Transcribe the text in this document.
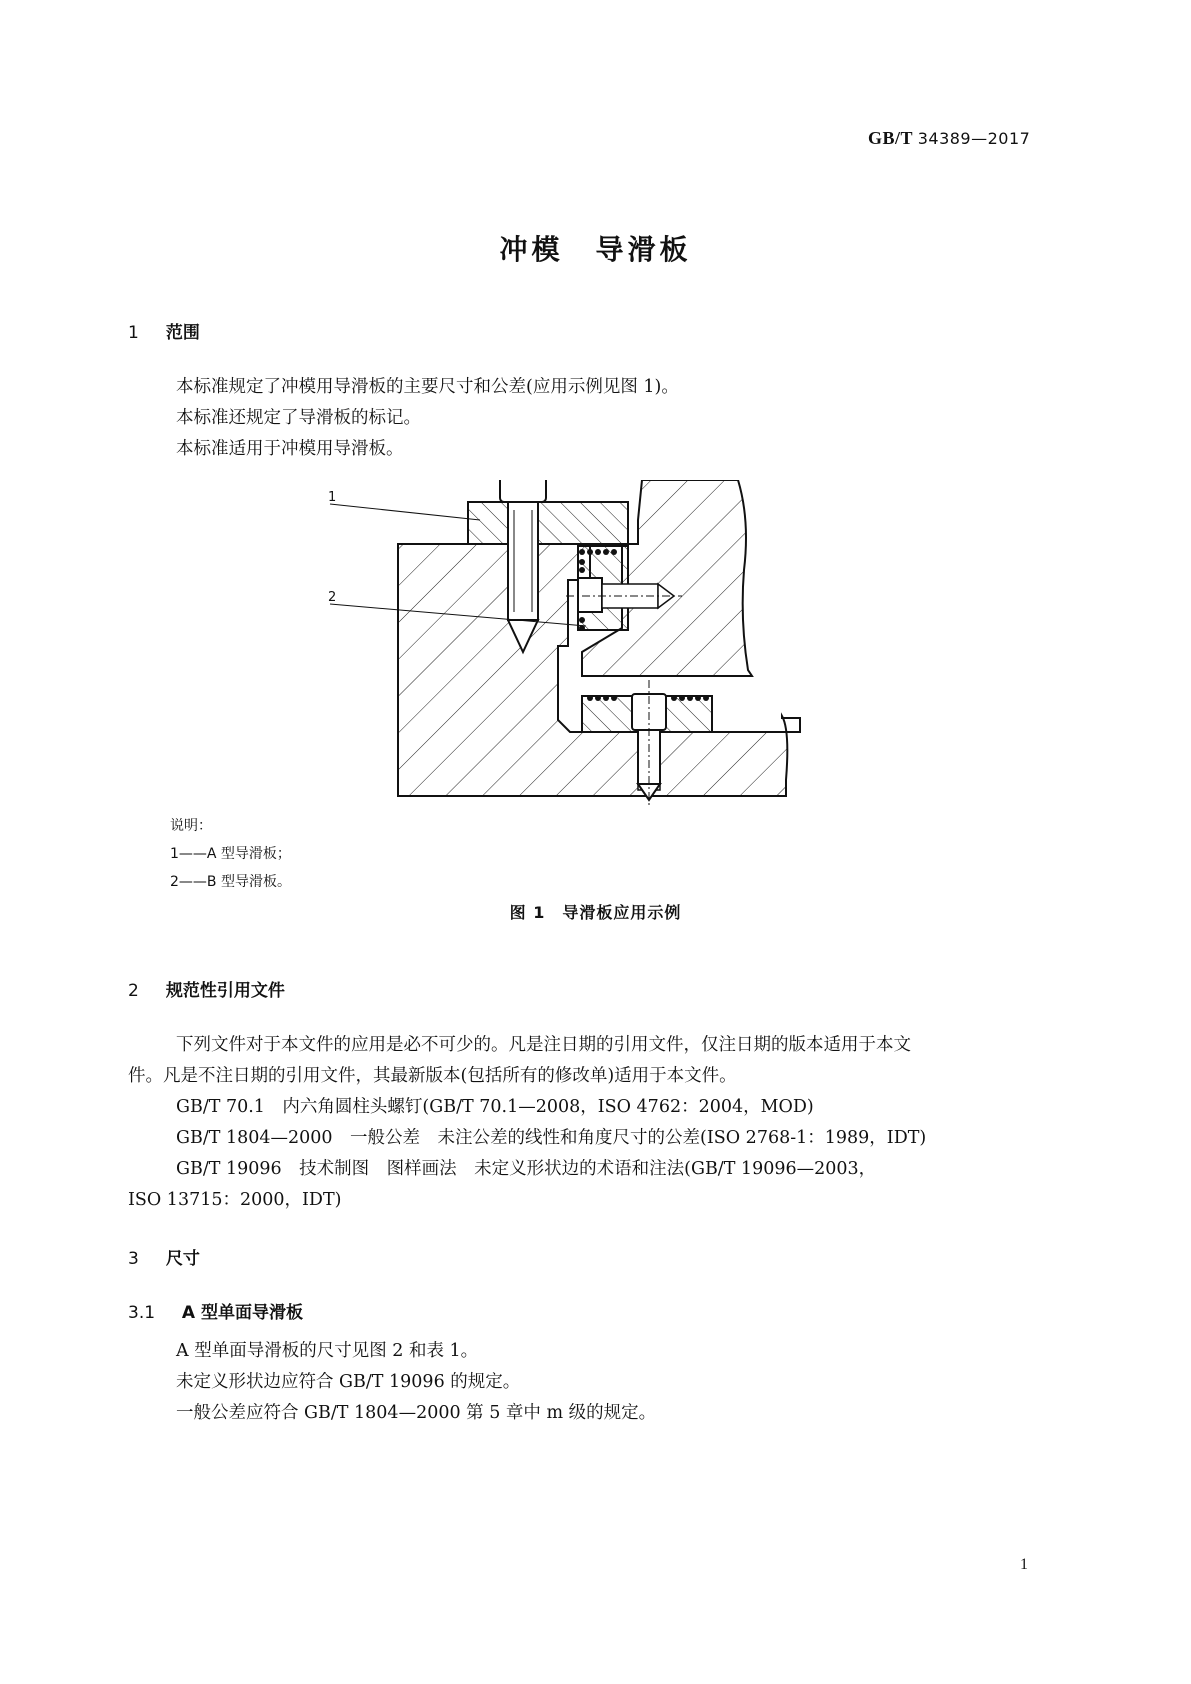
GB/T 34389—2017
冲模　导滑板
1 范围
本标准规定了冲模用导滑板的主要尺寸和公差(应用示例见图 1)。
本标准还规定了导滑板的标记。
本标准适用于冲模用导滑板。
1
2
说明：
1——A 型导滑板；
2——B 型导滑板。
图 1　导滑板应用示例
2 规范性引用文件
下列文件对于本文件的应用是必不可少的。凡是注日期的引用文件，仅注日期的版本适用于本文
件。凡是不注日期的引用文件，其最新版本(包括所有的修改单)适用于本文件。
GB/T 70.1　内六角圆柱头螺钉(GB/T 70.1—2008，ISO 4762：2004，MOD)
GB/T 1804—2000　一般公差　未注公差的线性和角度尺寸的公差(ISO 2768-1：1989，IDT)
GB/T 19096　技术制图　图样画法　未定义形状边的术语和注法(GB/T 19096—2003，
ISO 13715：2000，IDT)
3 尺寸
3.1 A 型单面导滑板
A 型单面导滑板的尺寸见图 2 和表 1。
未定义形状边应符合 GB/T 19096 的规定。
一般公差应符合 GB/T 1804—2000 第 5 章中 m 级的规定。
1
